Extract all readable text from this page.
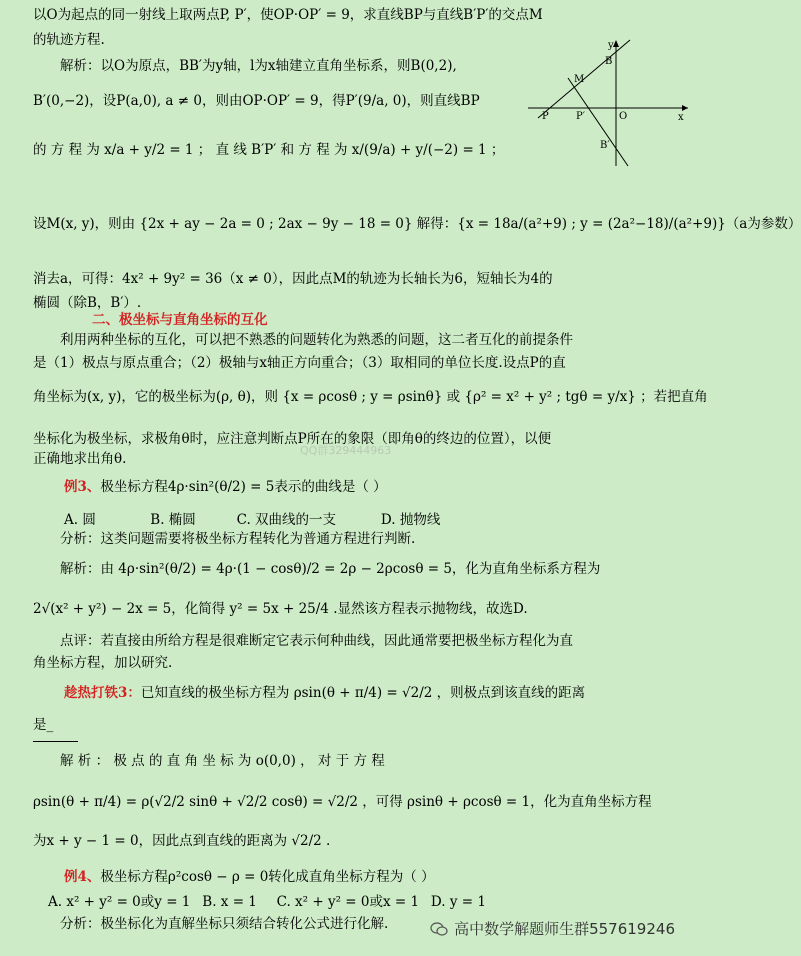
以O为起点的同一射线上取两点P, P′，使OP·OP′ = 9，求直线BP与直线B′P′的交点M
的轨迹方程.
解析：以O为原点，BB′为y轴，l为x轴建立直角坐标系，则B(0,2),
B′(0,−2)，设P(a,0), a ≠ 0，则由OP·OP′ = 9，得P′(9/a, 0)，则直线BP
的 方 程 为 x/a + y/2 = 1 ； 直 线 B′P′ 和 方 程 为 x/(9/a) + y/(−2) = 1 ；
设M(x, y)，则由 {2x + ay − 2a = 0 ; 2ax − 9y − 18 = 0} 解得：{x = 18a/(a²+9) ; y = (2a²−18)/(a²+9)}（a为参数）
消去a，可得：4x² + 9y² = 36（x ≠ 0），因此点M的轨迹为长轴长为6，短轴长为4的
椭圆（除B，B′）.
二、极坐标与直角坐标的互化
利用两种坐标的互化，可以把不熟悉的问题转化为熟悉的问题，这二者互化的前提条件
是（1）极点与原点重合；（2）极轴与x轴正方向重合；（3）取相同的单位长度.设点P的直
角坐标为(x, y)，它的极坐标为(ρ, θ)，则 {x = ρcosθ ; y = ρsinθ} 或 {ρ² = x² + y² ; tgθ = y/x} ；若把直角
坐标化为极坐标，求极角θ时，应注意判断点P所在的象限（即角θ的终边的位置），以便
正确地求出角θ.
QQ群329444963
例3、极坐标方程4ρ·sin²(θ/2) = 5表示的曲线是（ ）
A. 圆	B. 椭圆	C. 双曲线的一支	D. 抛物线
分析：这类问题需要将极坐标方程转化为普通方程进行判断.
解析：由 4ρ·sin²(θ/2) = 4ρ·(1 − cosθ)/2 = 2ρ − 2ρcosθ = 5，化为直角坐标系方程为
2√(x² + y²) − 2x = 5，化简得 y² = 5x + 25/4 .显然该方程表示抛物线，故选D.
点评：若直接由所给方程是很难断定它表示何种曲线，因此通常要把极坐标方程化为直
角坐标方程，加以研究.
趁热打铁3：已知直线的极坐标方程为 ρsin(θ + π/4) = √2/2 ，则极点到该直线的距离
是_
解 析 ： 极 点 的 直 角 坐 标 为 o(0,0) ， 对 于 方 程
ρsin(θ + π/4) = ρ(√2/2 sinθ + √2/2 cosθ) = √2/2 ，可得 ρsinθ + ρcosθ = 1，化为直角坐标方程
为x + y − 1 = 0，因此点到直线的距离为 √2/2 .
例4、极坐标方程ρ²cosθ − ρ = 0转化成直角坐标方程为（ ）
A. x² + y² = 0或y = 1 B. x = 1 C. x² + y² = 0或x = 1 D. y = 1
分析：极坐标化为直解坐标只须结合转化公式进行化解.	高中数学解题师生群557619246
y
x
M
B
B′
P	P′	O
